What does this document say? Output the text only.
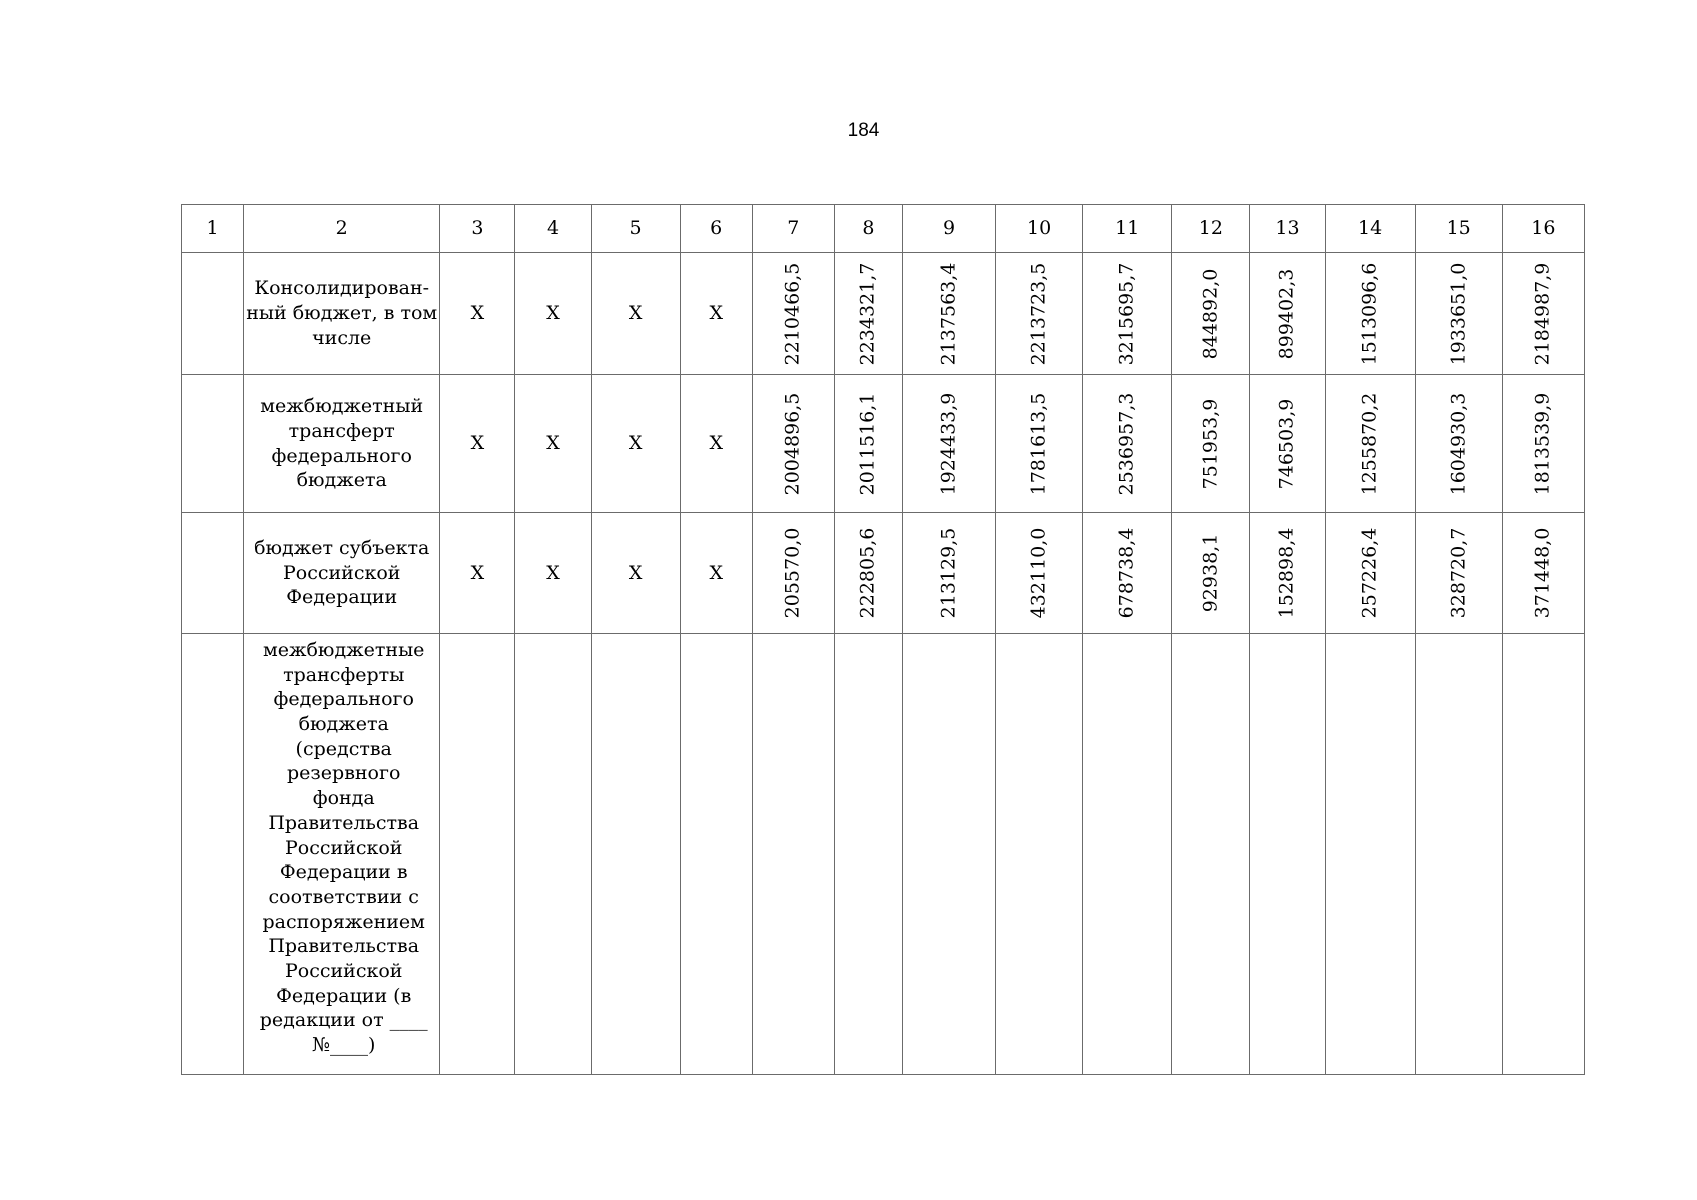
184
1	2	3	4	5	6	7	8	9	10	11	12	13	14	15	16
	Консолидирован- ный бюджет, в том числе	X	X	X	X	2210466,5	2234321,7	2137563,4	2213723,5	3215695,7	844892,0	899402,3	1513096,6	1933651,0	2184987,9

	межбюджетный трансферт федерального бюджета	X	X	X	X	2004896,5	2011516,1	1924433,9	1781613,5	2536957,3	751953,9	746503,9	1255870,2	1604930,3	1813539,9

	бюджет субъекта Российской Федерации	X	X	X	X	205570,0	222805,6	213129,5	432110,0	678738,4	92938,1	152898,4	257226,4	328720,7	371448,0

	межбюджетные трансферты федерального бюджета (средства резервного фонда Правительства Российской Федерации в соответствии с распоряжением Правительства Российской Федерации (в редакции от ____ №____)					
